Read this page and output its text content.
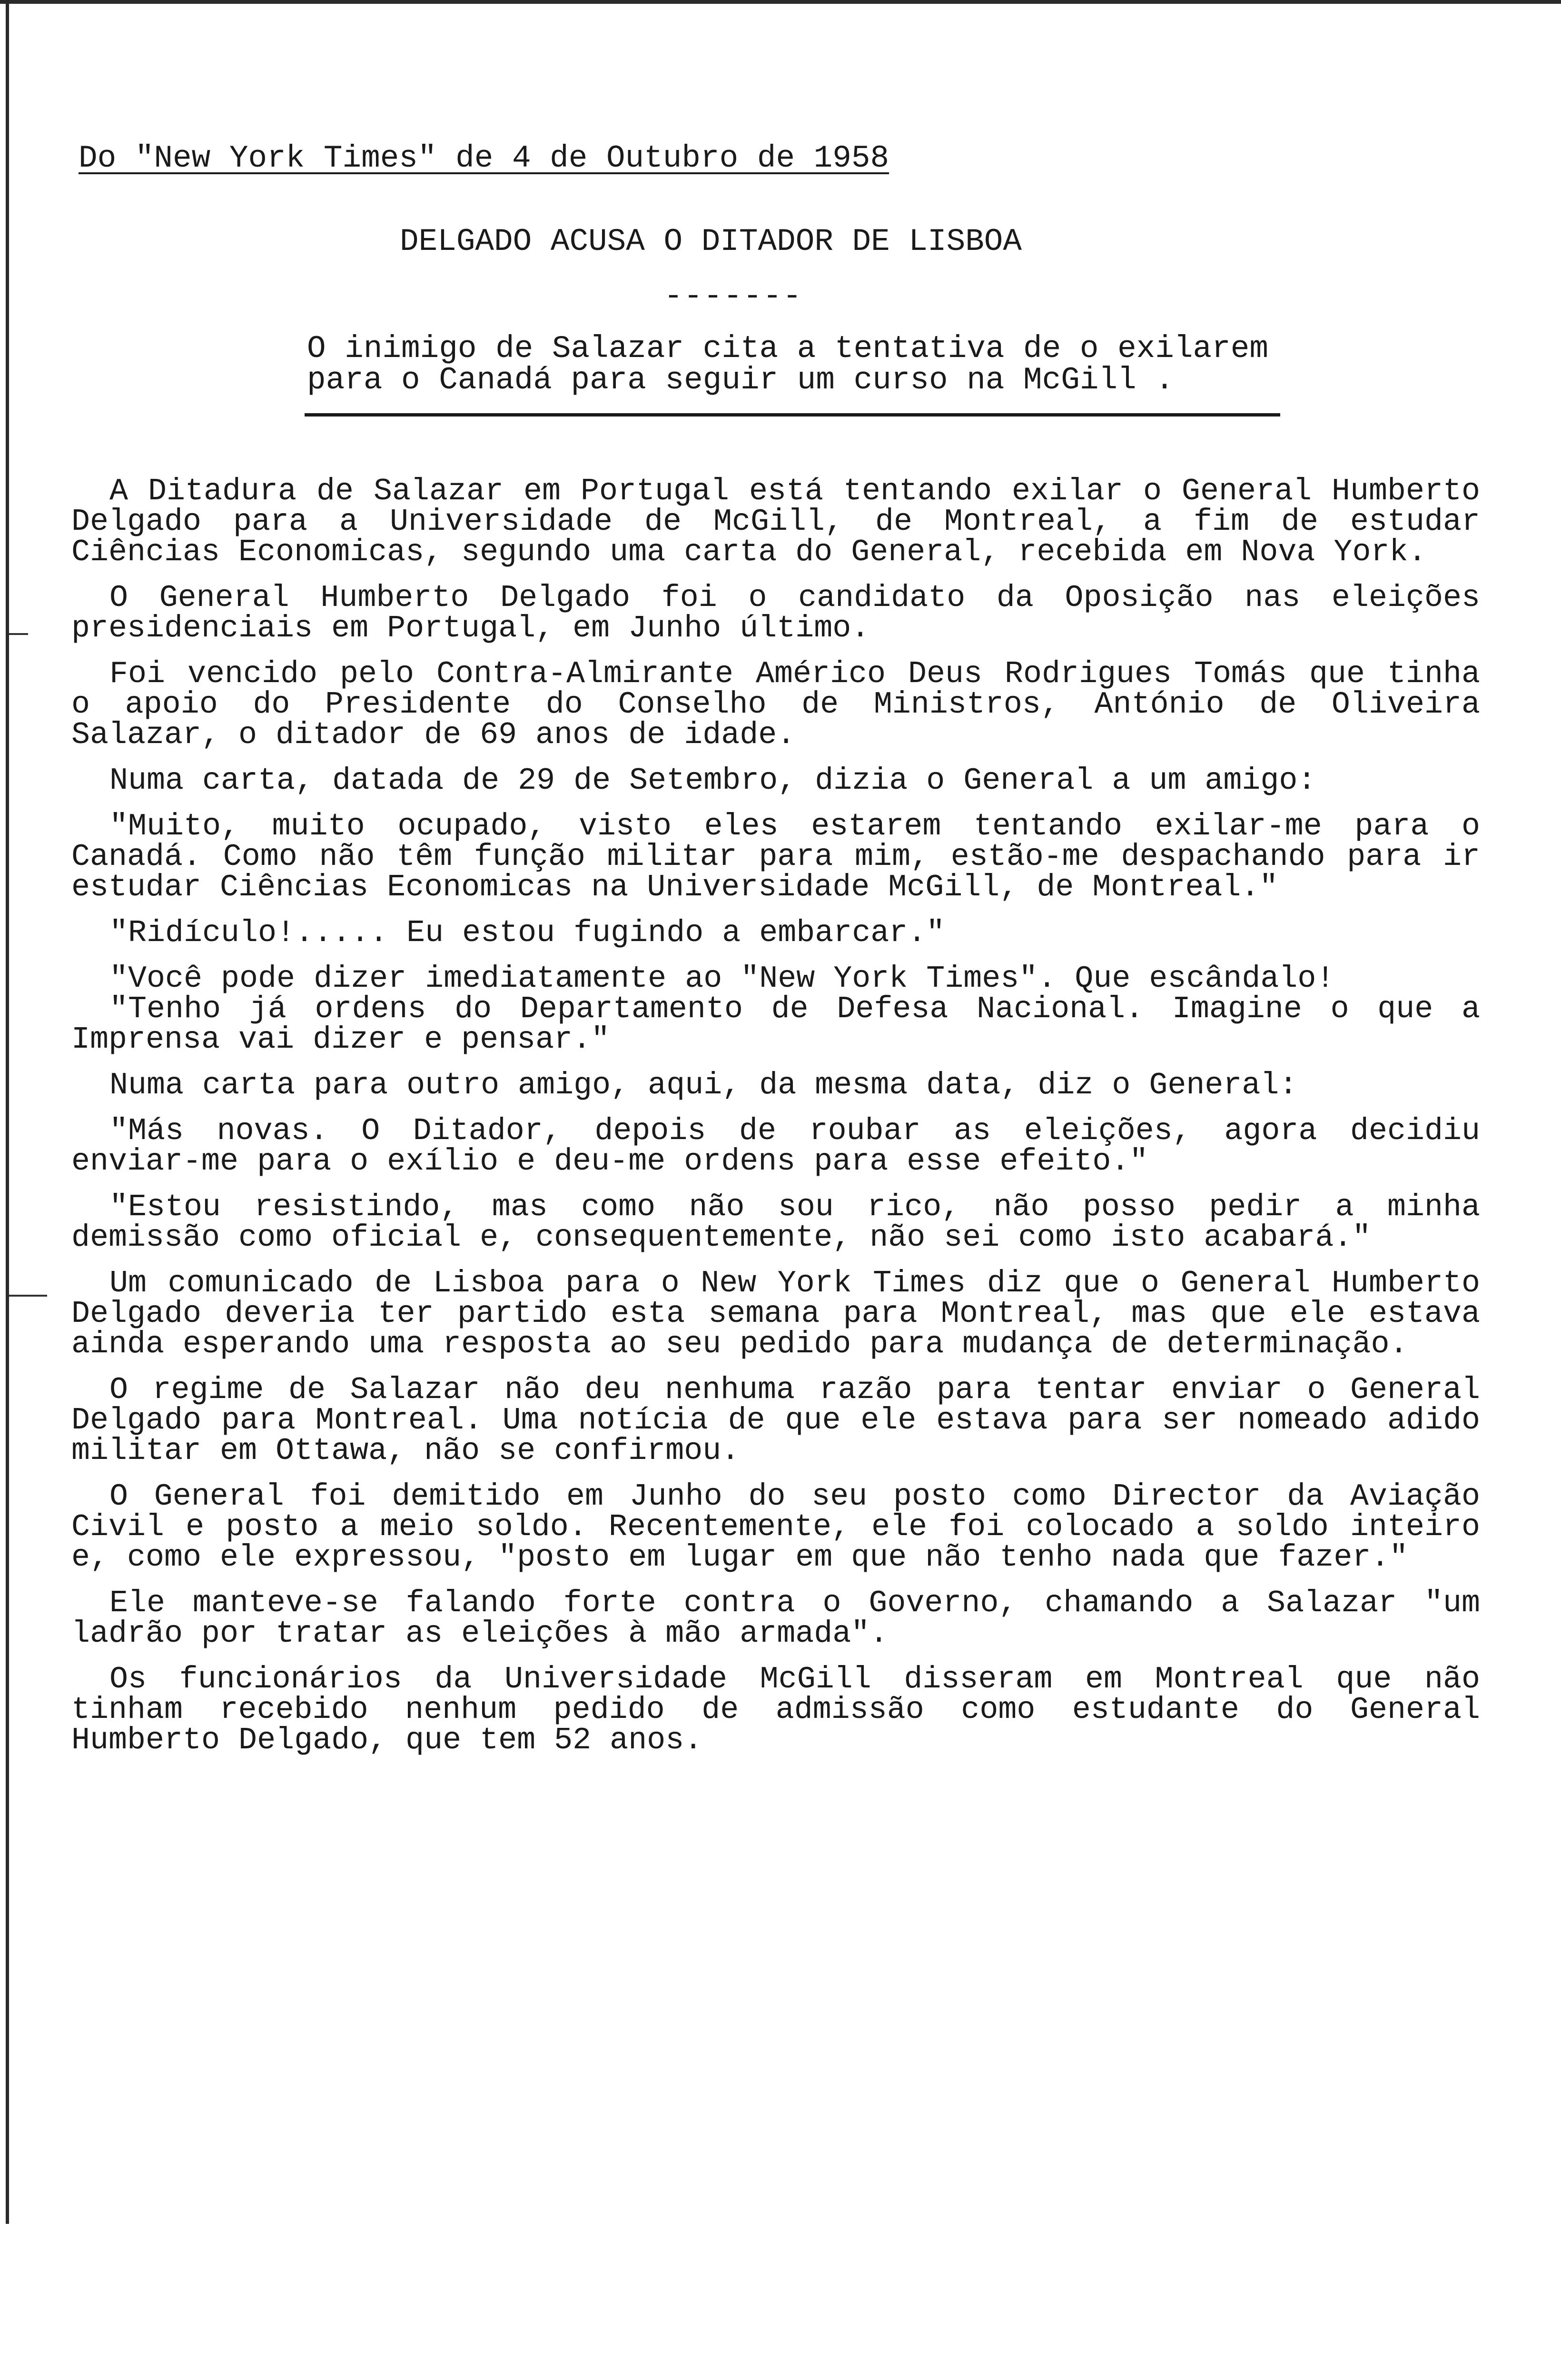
Do "New York Times" de 4 de Outubro de 1958
DELGADO ACUSA O DITADOR DE LISBOA
-------
O inimigo de Salazar cita a tentativa de o exilarem para o Canadá para seguir um curso na McGill .

A Ditadura de Salazar em Portugal está tentando exilar o General Humberto Delgado para a Universidade de McGill, de Montreal, a fim de estudar Ciências Economicas, segundo uma carta do General, recebida em Nova York.

O General Humberto Delgado foi o candidato da Oposição nas eleições presidenciais em Portugal, em Junho último.

Foi vencido pelo Contra-Almirante Américo Deus Rodrigues Tomás que tinha o apoio do Presidente do Conselho de Ministros, António de Oliveira Salazar, o ditador de 69 anos de idade.

Numa carta, datada de 29 de Setembro, dizia o General a um amigo:

"Muito, muito ocupado, visto eles estarem tentando exilar-me para o Canadá. Como não têm função militar para mim, estão-me despachando para ir estudar Ciências Economicas na Universidade McGill, de Montreal."

"Ridículo!..... Eu estou fugindo a embarcar."

"Você pode dizer imediatamente ao "New York Times". Que escândalo!

"Tenho já ordens do Departamento de Defesa Nacional. Imagine o que a Imprensa vai dizer e pensar."

Numa carta para outro amigo, aqui, da mesma data, diz o General:

"Más novas. O Ditador, depois de roubar as eleições, agora decidiu enviar-me para o exílio e deu-me ordens para esse efeito."

"Estou resistindo, mas como não sou rico, não posso pedir a minha demissão como oficial e, consequentemente, não sei como isto acabará."

Um comunicado de Lisboa para o New York Times diz que o General Humberto Delgado deveria ter partido esta semana para Montreal, mas que ele estava ainda esperando uma resposta ao seu pedido para mudança de determinação.

O regime de Salazar não deu nenhuma razão para tentar enviar o General Delgado para Montreal. Uma notícia de que ele estava para ser nomeado adido militar em Ottawa, não se confirmou.

O General foi demitido em Junho do seu posto como Director da Aviação Civil e posto a meio soldo. Recentemente, ele foi colocado a soldo inteiro e, como ele expressou, "posto em lugar em que não tenho nada que fazer."

Ele manteve-se falando forte contra o Governo, chamando a Salazar "um ladrão por tratar as eleições à mão armada".

Os funcionários da Universidade McGill disseram em Montreal que não tinham recebido nenhum pedido de admissão como estudante do General Humberto Delgado, que tem 52 anos.
